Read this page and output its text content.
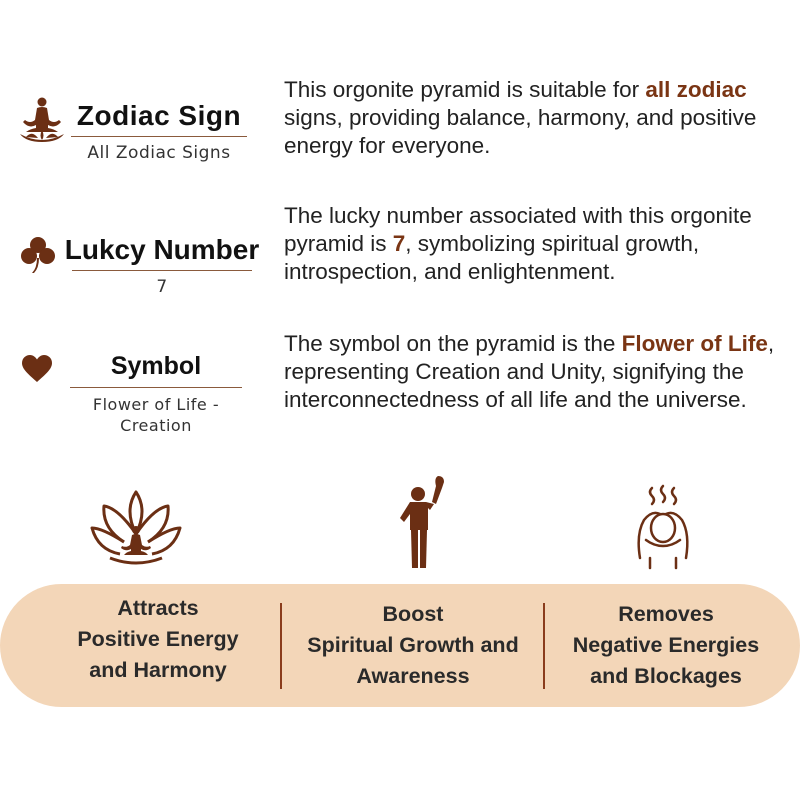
Zodiac Sign
All Zodiac Signs
This orgonite pyramid is suitable for all zodiac signs, providing balance, harmony, and positive energy for everyone.
Lukcy Number
7
The lucky number associated with this orgonite pyramid is 7, symbolizing spiritual growth, introspection, and enlightenment.
Symbol
Flower of Life -
Creation
The symbol on the pyramid is the Flower of Life, representing Creation and Unity, signifying the interconnectedness of all life and the universe.
Attracts
Positive Energy
and Harmony
Boost
Spiritual Growth and
Awareness
Removes
Negative Energies
and Blockages
